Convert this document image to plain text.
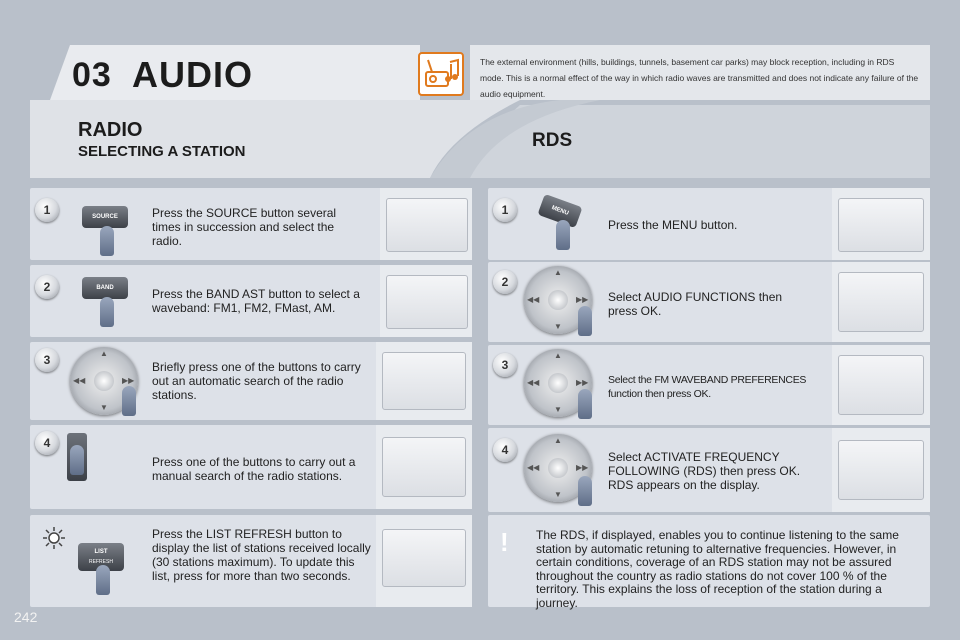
03 AUDIO	The external environment (hills, buildings, tunnels, basement car parks) may block reception, including in RDS mode. This is a normal effect of the way in which radio waves are transmitted and does not indicate any failure of the audio equipment.
RADIO
SELECTING A STATION
RDS
1	SOURCE	Press the SOURCE button several times in succession and select the radio.
2	BAND	Press the BAND AST button to select a waveband: FM1, FM2, FMast, AM.
3	▲
▼
◀◀	▶▶
Briefly press one of the buttons to carry out an automatic search of the radio stations.
4
Press one of the buttons to carry out a manual search of the radio stations.
LIST
REFRESH
Press the LIST REFRESH button to display the list of stations received locally (30 stations maximum). To update this list, press for more than two seconds.
1	MENU
Press the MENU button.
2
▲
▼
◀◀	▶▶ Select AUDIO FUNCTIONS then press OK.
3
▲
▼
◀◀	▶▶ Select the FM WAVEBAND PREFERENCES function then press OK.
4
▲
▼
◀◀	▶▶
Select ACTIVATE FREQUENCY FOLLOWING (RDS) then press OK. RDS appears on the display.
The RDS, if displayed, enables you to continue listening to the same station by automatic retuning to alternative frequencies. However, in certain conditions, coverage of an RDS station may not be assured throughout the country as radio stations do not cover 100 % of the territory. This explains the loss of reception of the station during a journey.
!
242
